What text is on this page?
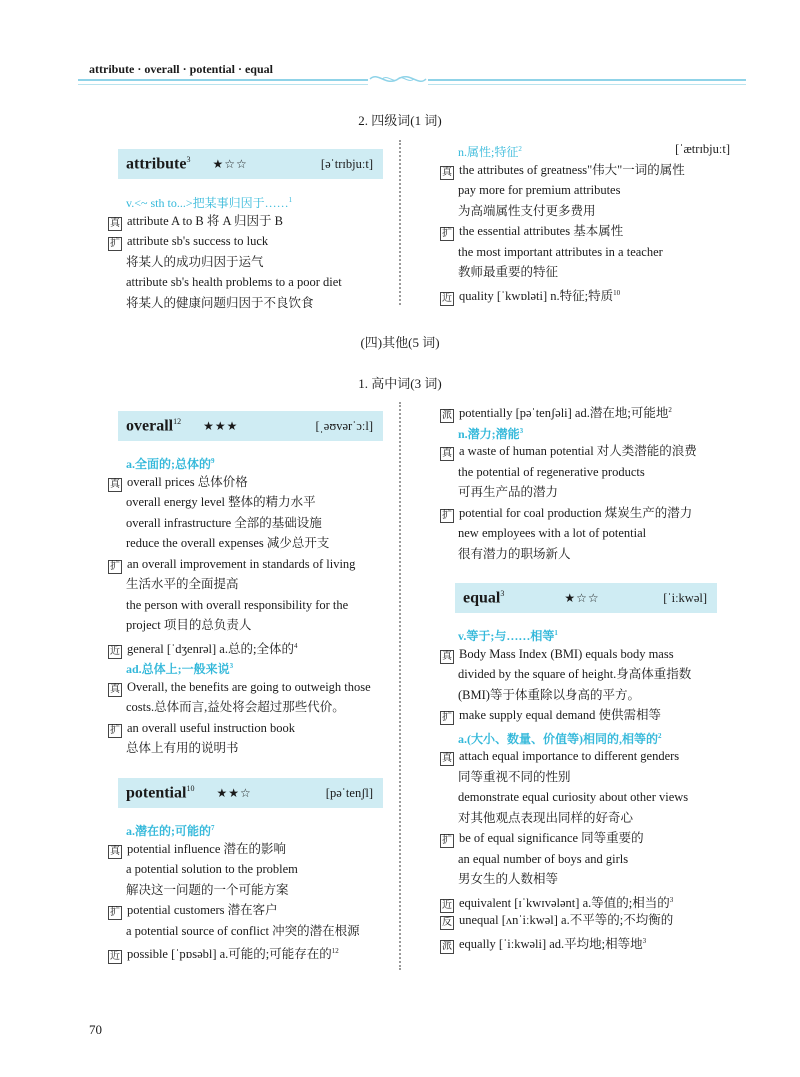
attribute · overall · potential · equal
2. 四级词(1 词)
attribute$^3$ ★☆☆	[əˈtrɪbjuːt]
v.<~ sth to...>把某事归因于……$^1$
真 attribute A to B 将 A 归因于 B
扩 attribute sb's success to luck
将某人的成功归因于运气
attribute sb's health problems to a poor diet
将某人的健康问题归因于不良饮食
n.属性;特征$^2$	[ˈætrɪbjuːt]
真 the attributes of greatness"伟大"一词的属性
pay more for premium attributes
为高端属性支付更多费用
扩 the essential attributes 基本属性
the most important attributes in a teacher
教师最重要的特征
近 quality [ˈkwɒləti] n.特征;特质$^{10}$
(四)其他(5 词)
1. 高中词(3 词)
overall$^{12}$ ★★★	[ˌəʊvərˈɔːl]
a.全面的;总体的$^9$
真 overall prices 总体价格
overall energy level 整体的精力水平
overall infrastructure 全部的基础设施
reduce the overall expenses 减少总开支
扩 an overall improvement in standards of living
生活水平的全面提高
the person with overall responsibility for the
project 项目的总负责人
近 general [ˈdʒenrəl] a.总的;全体的$^4$
ad.总体上;一般来说$^3$
真 Overall, the benefits are going to outweigh those
costs.总体而言,益处将会超过那些代价。
扩 an overall useful instruction book
总体上有用的说明书
potential$^{10}$ ★★☆	[pəˈtenʃl]
a.潜在的;可能的$^7$
真 potential influence 潜在的影响
a potential solution to the problem
解决这一问题的一个可能方案
扩 potential customers 潜在客户
a potential source of conflict 冲突的潜在根源
近 possible [ˈpɒsəbl] a.可能的;可能存在的$^{12}$
派 potentially [pəˈtenʃəli] ad.潜在地;可能地$^2$
n.潜力;潜能$^3$
真 a waste of human potential 对人类潜能的浪费
the potential of regenerative products
可再生产品的潜力
扩 potential for coal production 煤炭生产的潜力
new employees with a lot of potential
很有潜力的职场新人
equal$^3$	★☆☆	[ˈiːkwəl]
v.等于;与……相等$^1$
真 Body Mass Index (BMI) equals body mass
divided by the square of height.身高体重指数
(BMI)等于体重除以身高的平方。
扩 make supply equal demand 使供需相等
a.(大小、数量、价值等)相同的,相等的$^2$
真 attach equal importance to different genders
同等重视不同的性别
demonstrate equal curiosity about other views
对其他观点表现出同样的好奇心
扩 be of equal significance 同等重要的
an equal number of boys and girls
男女生的人数相等
近 equivalent [ɪˈkwɪvələnt] a.等值的;相当的$^3$
反 unequal [ʌnˈiːkwəl] a.不平等的;不均衡的
派 equally [ˈiːkwəli] ad.平均地;相等地$^3$
70
